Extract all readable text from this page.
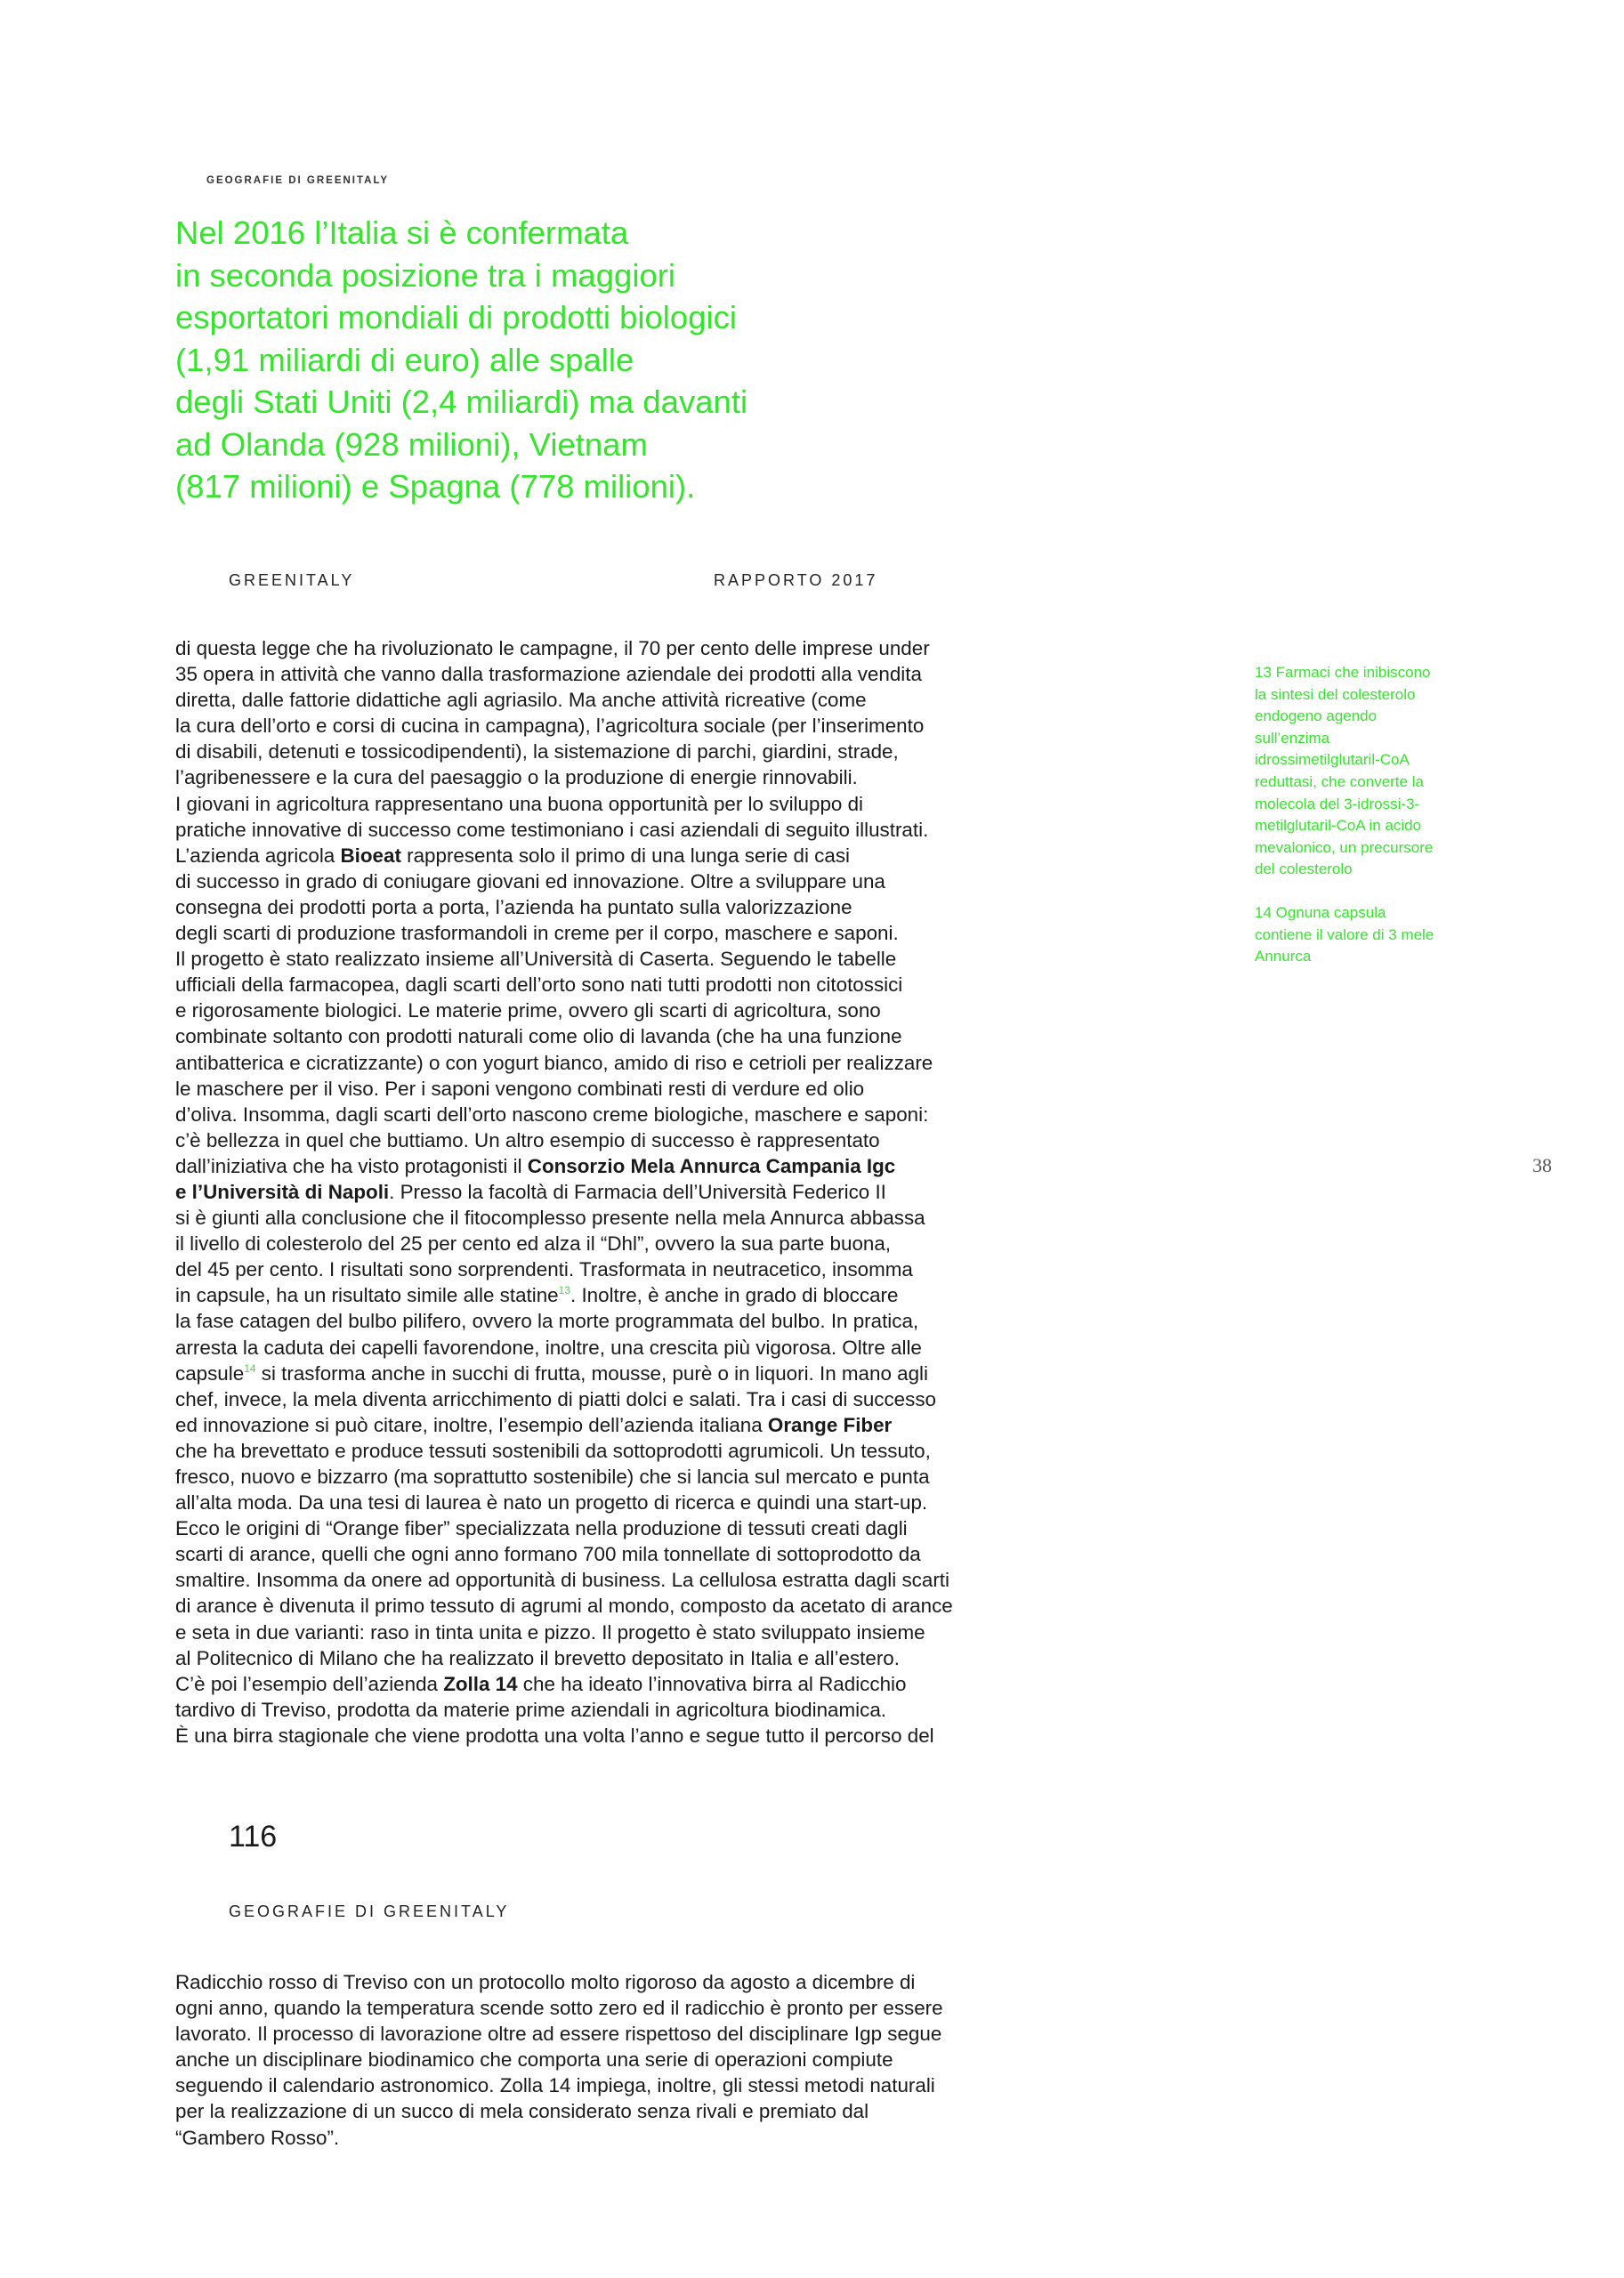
GEOGRAFIE DI GREENITALY
Nel 2016 l’Italia si è confermata
in seconda posizione tra i maggiori
esportatori mondiali di prodotti biologici
(1,91 miliardi di euro) alle spalle
degli Stati Uniti (2,4 miliardi) ma davanti
ad Olanda (928 milioni), Vietnam
(817 milioni) e Spagna (778 milioni).
GREENITALY	RAPPORTO 2017

di questa legge che ha rivoluzionato le campagne, il 70 per cento delle imprese under

35 opera in attività che vanno dalla trasformazione aziendale dei prodotti alla vendita

diretta, dalle fattorie didattiche agli agriasilo. Ma anche attività ricreative (come

la cura dell’orto e corsi di cucina in campagna), l’agricoltura sociale (per l’inserimento

di disabili, detenuti e tossicodipendenti), la sistemazione di parchi, giardini, strade,

l’agribenessere e la cura del paesaggio o la produzione di energie rinnovabili.

I giovani in agricoltura rappresentano una buona opportunità per lo sviluppo di

pratiche innovative di successo come testimoniano i casi aziendali di seguito illustrati.

L’azienda agricola Bioeat rappresenta solo il primo di una lunga serie di casi

di successo in grado di coniugare giovani ed innovazione. Oltre a sviluppare una

consegna dei prodotti porta a porta, l’azienda ha puntato sulla valorizzazione

degli scarti di produzione trasformandoli in creme per il corpo, maschere e saponi.

Il progetto è stato realizzato insieme all’Università di Caserta. Seguendo le tabelle

ufficiali della farmacopea, dagli scarti dell’orto sono nati tutti prodotti non citotossici

e rigorosamente biologici. Le materie prime, ovvero gli scarti di agricoltura, sono

combinate soltanto con prodotti naturali come olio di lavanda (che ha una funzione

antibatterica e cicratizzante) o con yogurt bianco, amido di riso e cetrioli per realizzare

le maschere per il viso. Per i saponi vengono combinati resti di verdure ed olio

d’oliva. Insomma, dagli scarti dell’orto nascono creme biologiche, maschere e saponi:

c’è bellezza in quel che buttiamo. Un altro esempio di successo è rappresentato

dall’iniziativa che ha visto protagonisti il Consorzio Mela Annurca Campania Igc

e l’Università di Napoli. Presso la facoltà di Farmacia dell’Università Federico II

si è giunti alla conclusione che il fitocomplesso presente nella mela Annurca abbassa

il livello di colesterolo del 25 per cento ed alza il “Dhl”, ovvero la sua parte buona,

del 45 per cento. I risultati sono sorprendenti. Trasformata in neutracetico, insomma

in capsule, ha un risultato simile alle statine$^{13}$. Inoltre, è anche in grado di bloccare

la fase catagen del bulbo pilifero, ovvero la morte programmata del bulbo. In pratica,

arresta la caduta dei capelli favorendone, inoltre, una crescita più vigorosa. Oltre alle

capsule$^{14}$ si trasforma anche in succhi di frutta, mousse, purè o in liquori. In mano agli

chef, invece, la mela diventa arricchimento di piatti dolci e salati. Tra i casi di successo

ed innovazione si può citare, inoltre, l’esempio dell’azienda italiana Orange Fiber

che ha brevettato e produce tessuti sostenibili da sottoprodotti agrumicoli. Un tessuto,

fresco, nuovo e bizzarro (ma soprattutto sostenibile) che si lancia sul mercato e punta

all’alta moda. Da una tesi di laurea è nato un progetto di ricerca e quindi una start-up.

Ecco le origini di “Orange fiber” specializzata nella produzione di tessuti creati dagli

scarti di arance, quelli che ogni anno formano 700 mila tonnellate di sottoprodotto da

smaltire. Insomma da onere ad opportunità di business. La cellulosa estratta dagli scarti

di arance è divenuta il primo tessuto di agrumi al mondo, composto da acetato di arance

e seta in due varianti: raso in tinta unita e pizzo. Il progetto è stato sviluppato insieme

al Politecnico di Milano che ha realizzato il brevetto depositato in Italia e all’estero.

C’è poi l’esempio dell’azienda Zolla 14 che ha ideato l’innovativa birra al Radicchio

tardivo di Treviso, prodotta da materie prime aziendali in agricoltura biodinamica.

È una birra stagionale che viene prodotta una volta l’anno e segue tutto il percorso del

13 Farmaci che inibiscono
la sintesi del colesterolo
endogeno agendo
sull’enzima
idrossimetilglutaril-CoA
reduttasi, che converte la
molecola del 3-idrossi-3-
metilglutaril-CoA in acido
mevalonico, un precursore
del colesterolo

14 Ognuna capsula
contiene il valore di 3 mele
Annurca

38
116
GEOGRAFIE DI GREENITALY

Radicchio rosso di Treviso con un protocollo molto rigoroso da agosto a dicembre di

ogni anno, quando la temperatura scende sotto zero ed il radicchio è pronto per essere

lavorato. Il processo di lavorazione oltre ad essere rispettoso del disciplinare Igp segue

anche un disciplinare biodinamico che comporta una serie di operazioni compiute

seguendo il calendario astronomico. Zolla 14 impiega, inoltre, gli stessi metodi naturali

per la realizzazione di un succo di mela considerato senza rivali e premiato dal

“Gambero Rosso”.
